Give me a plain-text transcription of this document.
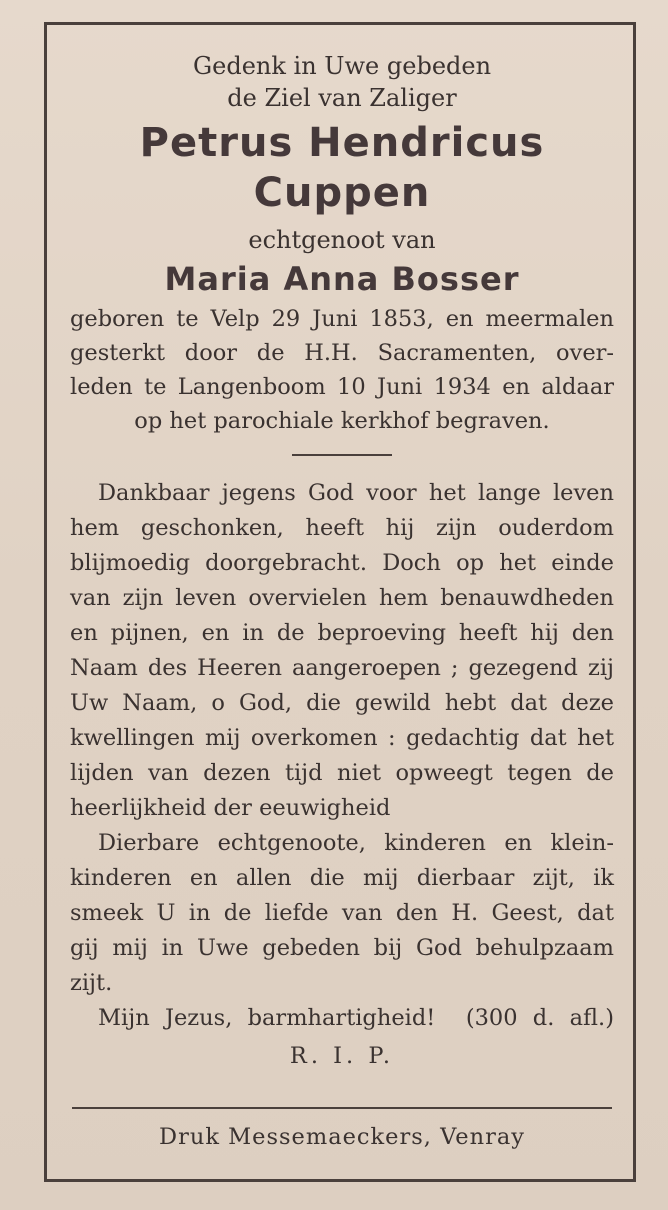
Gedenk in Uwe gebeden
de Ziel van Zaliger
Petrus Hendricus
Cuppen
echtgenoot van
Maria Anna Bosser
geboren te Velp 29 Juni 1853, en meermalen
gesterkt door de H.H. Sacramenten, over-
leden te Langenboom 10 Juni 1934 en aldaar
op het parochiale kerkhof begraven.
Dankbaar jegens God voor het lange leven
hem geschonken, heeft hij zijn ouderdom
blijmoedig doorgebracht. Doch op het einde
van zijn leven overvielen hem benauwdheden
en pijnen, en in de beproeving heeft hij den
Naam des Heeren aangeroepen ; gezegend zij
Uw Naam, o God, die gewild hebt dat deze
kwellingen mij overkomen : gedachtig dat het
lijden van dezen tijd niet opweegt tegen de
heerlijkheid der eeuwigheid
Dierbare echtgenoote, kinderen en klein-
kinderen en allen die mij dierbaar zijt, ik
smeek U in de liefde van den H. Geest, dat
gij mij in Uwe gebeden bij God behulpzaam
zijt.
Mijn Jezus, barmhartigheid!  (300 d. afl.)
R. I. P.
Druk Messemaeckers, Venray
